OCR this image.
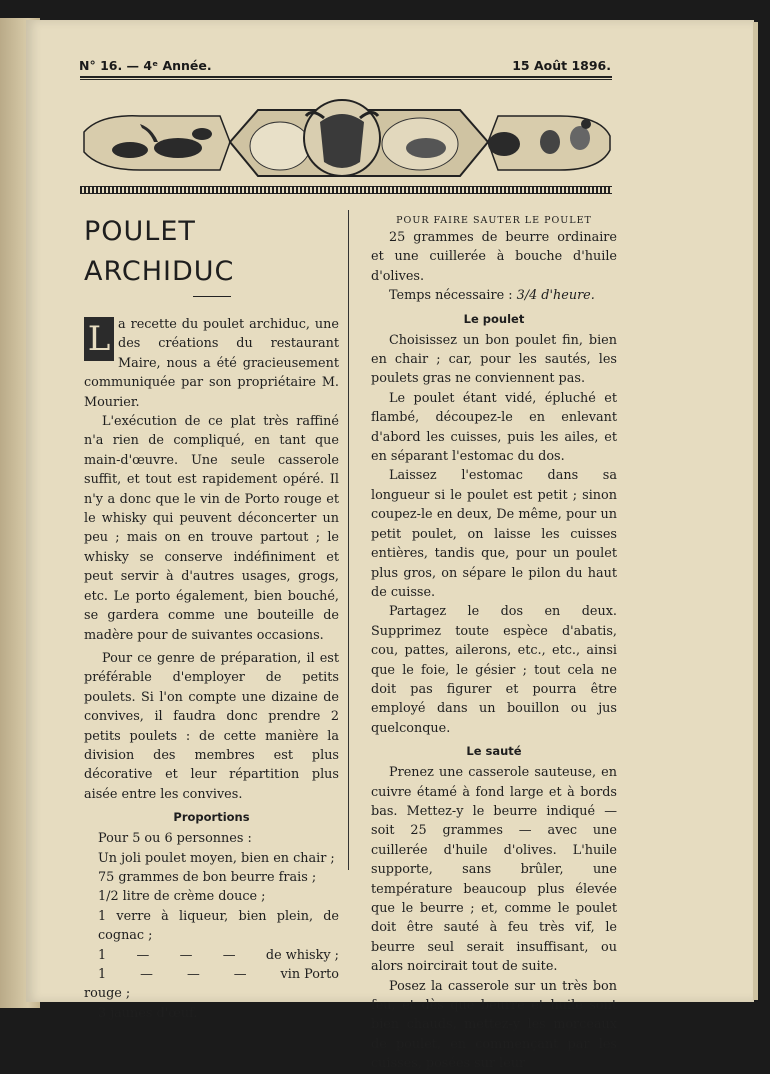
N° 16. — 4ᵉ Année.	15 Août 1896.
POULET ARCHIDUC

L a recette du poulet archiduc, une des créations du restaurant Maire, nous a été gracieusement communiquée par son propriétaire M. Mourier.

L'exécution de ce plat très raffiné n'a rien de compliqué, en tant que main-d'œuvre. Une seule casserole suffit, et tout est rapidement opéré. Il n'y a donc que le vin de Porto rouge et le whisky qui peuvent déconcerter un peu ; mais on en trouve partout ; le whisky se conserve indéfiniment et peut servir à d'autres usages, grogs, etc. Le porto également, bien bouché, se gardera comme une bouteille de madère pour de suivantes occasions.

Pour ce genre de préparation, il est préférable d'employer de petits poulets. Si l'on compte une dizaine de convives, il faudra donc prendre 2 petits poulets : de cette manière la division des membres est plus décorative et leur répartition plus aisée entre les convives.

Proportions
Pour 5 ou 6 personnes :
Un joli poulet moyen, bien en chair ;
75 grammes de bon beurre frais ;
1/2 litre de crème douce ;
1 verre à liqueur, bien plein, de cognac ;
1 — — — de whisky ;
1	—	—	—	vin Porto
rouge ;
3 jaunes d'œuf.
POUR FAIRE SAUTER LE POULET

25 grammes de beurre ordinaire et une cuillerée à bouche d'huile d'olives.

Temps nécessaire : 3/4 d'heure.

Le poulet

Choisissez un bon poulet fin, bien en chair ; car, pour les sautés, les poulets gras ne conviennent pas.

Le poulet étant vidé, épluché et flambé, découpez-le en enlevant d'abord les cuisses, puis les ailes, et en séparant l'estomac du dos.

Laissez l'estomac dans sa longueur si le poulet est petit ; sinon coupez-le en deux, De même, pour un petit poulet, on laisse les cuisses entières, tandis que, pour un poulet plus gros, on sépare le pilon du haut de cuisse.

Partagez le dos en deux. Supprimez toute espèce d'abatis, cou, pattes, ailerons, etc., etc., ainsi que le foie, le gésier ; tout cela ne doit pas figurer et pourra être employé dans un bouillon ou jus quelconque.

Le sauté

Prenez une casserole sauteuse, en cuivre étamé à fond large et à bords bas. Mettez-y le beurre indiqué — soit 25 grammes — avec une cuillerée d'huile d'olives. L'huile supporte, sans brûler, une température beaucoup plus élevée que le beurre ; et, comme le poulet doit être sauté à feu très vif, le beurre seul serait insuffisant, ou alors noircirait tout de suite.

Posez la casserole sur un très bon feu, et dès que beurre et huile sont bien chauds, mettez-y les morceaux de poulet, en commençant par les cuisses, posées sur leur
